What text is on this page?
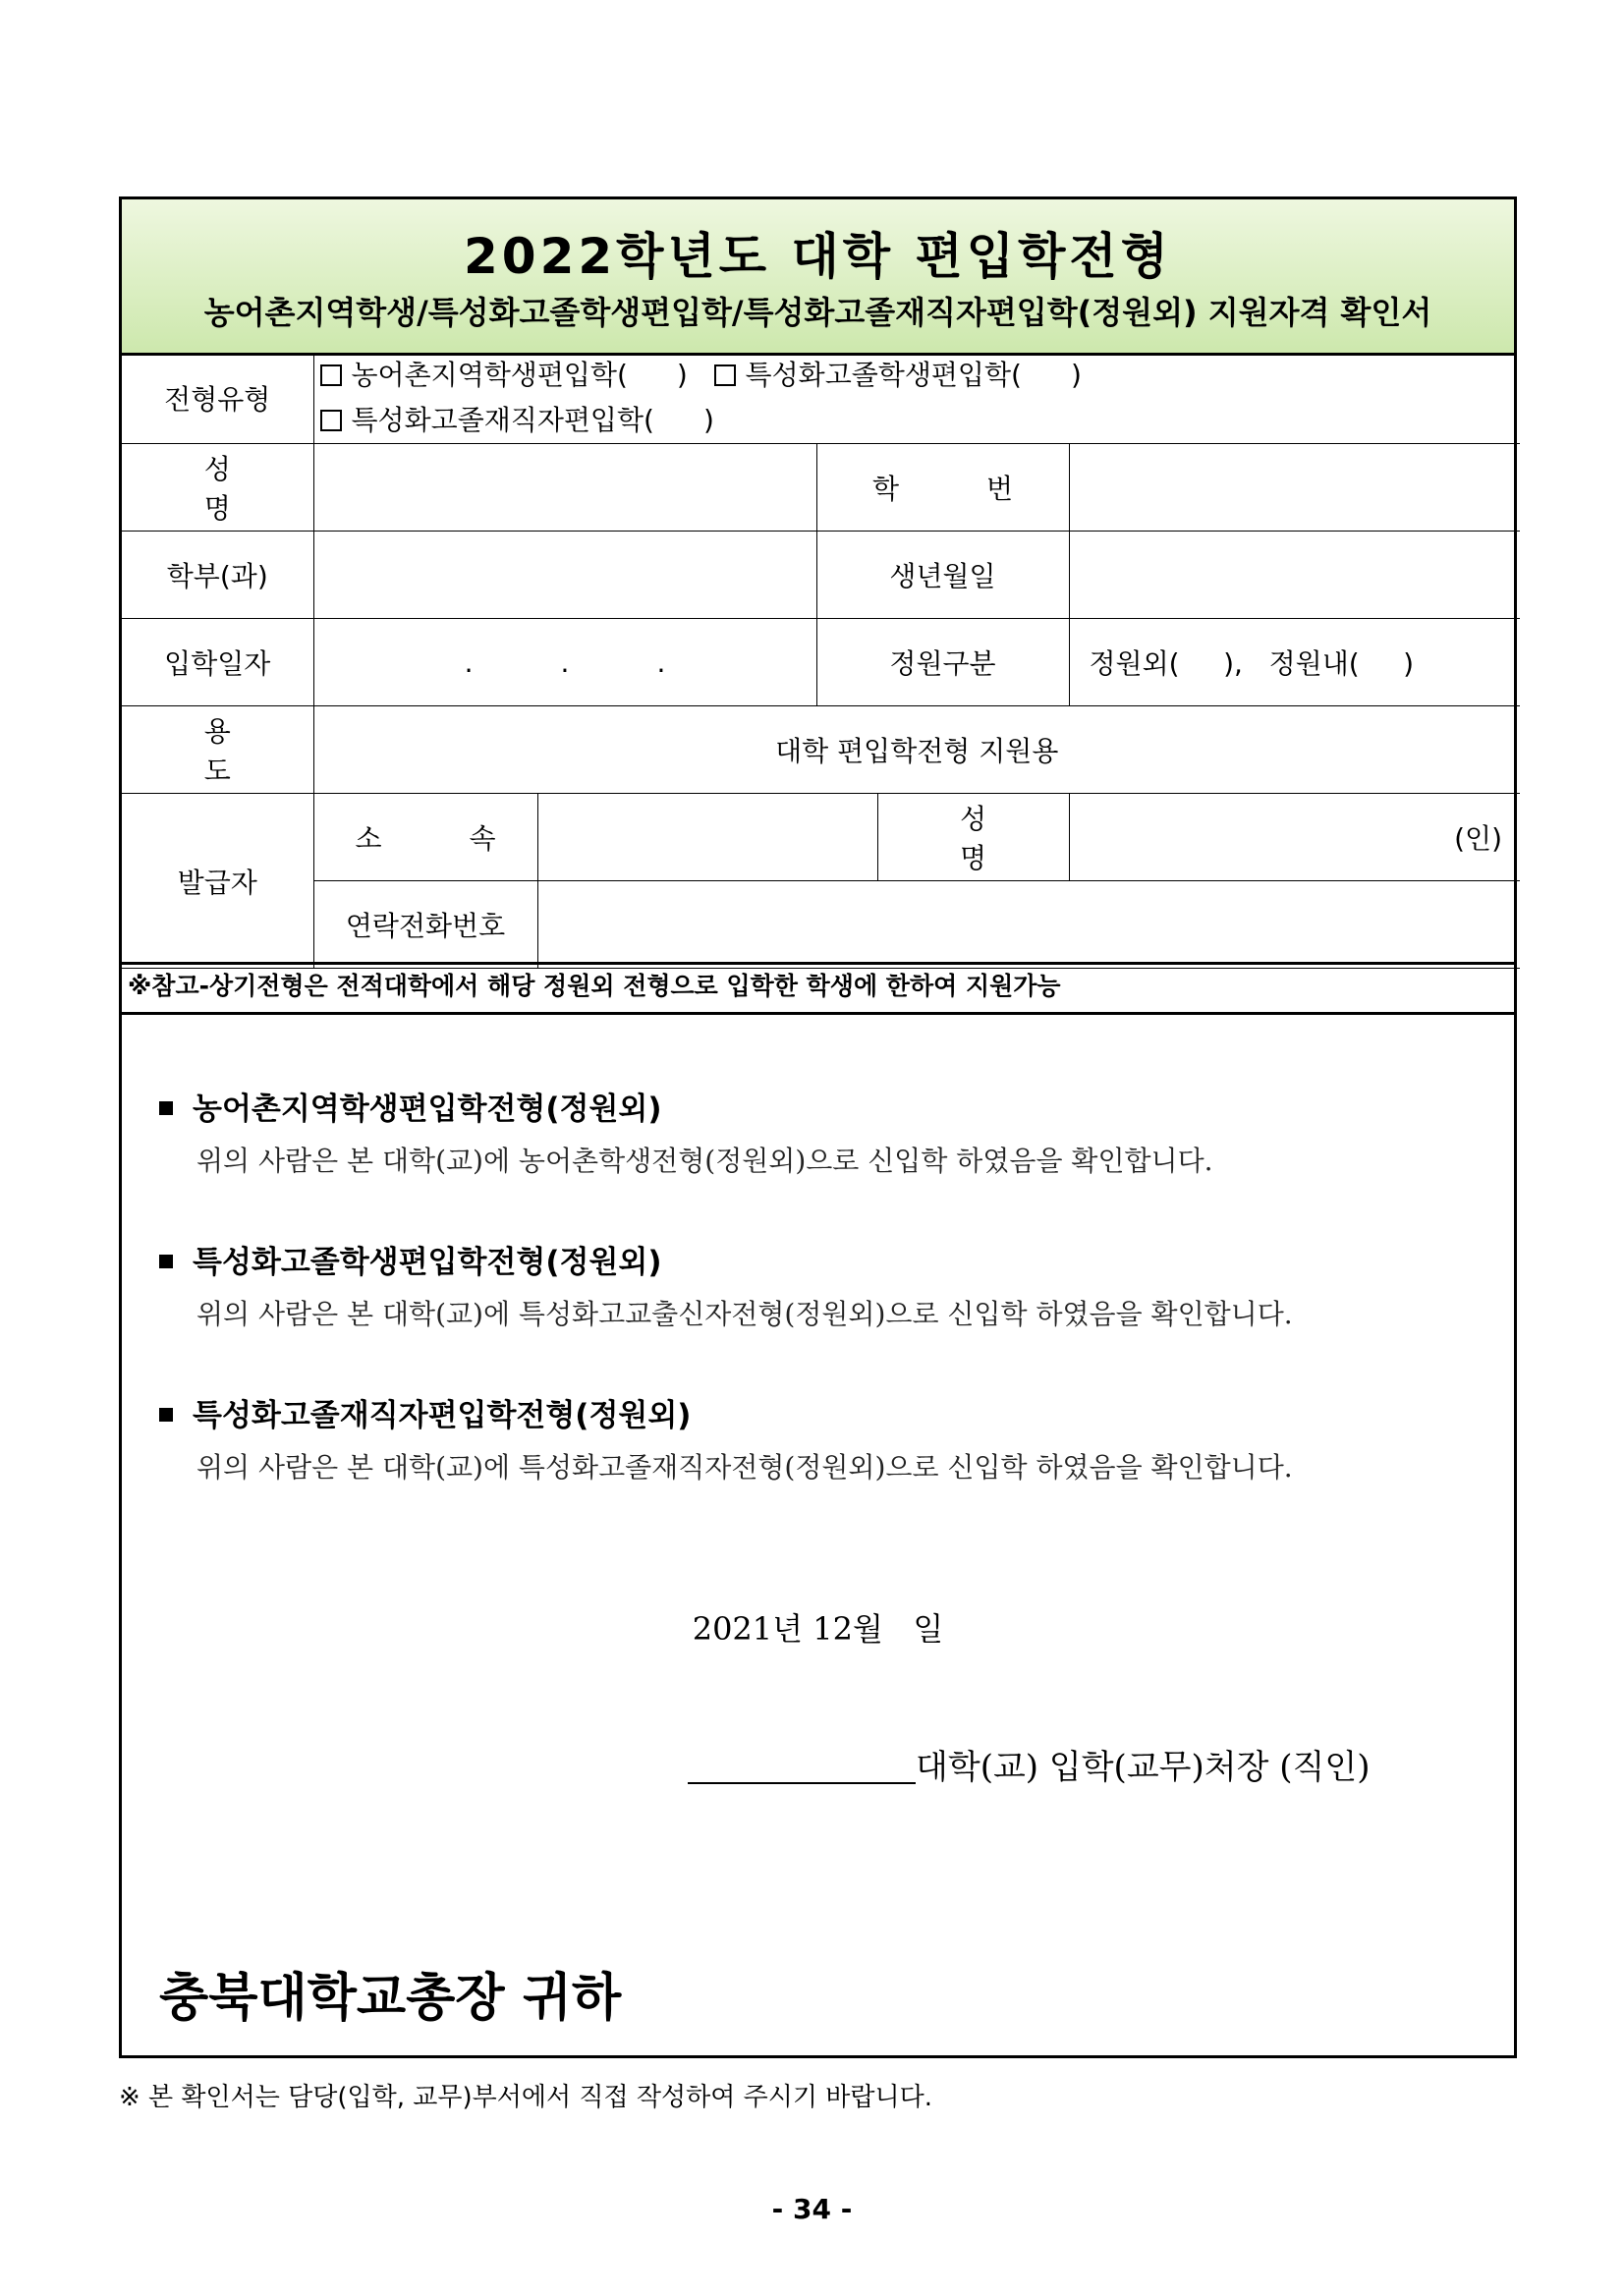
2022학년도 대학 편입학전형
농어촌지역학생/특성화고졸학생편입학/특성화고졸재직자편입학(정원외) 지원자격 확인서
전형유형	농어촌지역학생편입학( ) 특성화고졸학생편입학( )
특성화고졸재직자편입학( )				
성 명			학 번		
학부(과)			생년월일		
입학일자	.          .          .		정원구분		정원외(     ),   정원내(     )
용 도	대학 편입학전형 지원용				
발급자	소 속			성 명	(인)
	연락전화번호				
※참고-상기전형은 전적대학에서 해당 정원외 전형으로 입학한 학생에 한하여 지원가능
농어촌지역학생편입학전형(정원외)
위의 사람은 본 대학(교)에 농어촌학생전형(정원외)으로 신입학 하였음을 확인합니다.
특성화고졸학생편입학전형(정원외)
위의 사람은 본 대학(교)에 특성화고교출신자전형(정원외)으로 신입학 하였음을 확인합니다.
특성화고졸재직자편입학전형(정원외)
위의 사람은 본 대학(교)에 특성화고졸재직자전형(정원외)으로 신입학 하였음을 확인합니다.
2021년 12월   일
대학(교) 입학(교무)처장 (직인)
충북대학교총장 귀하
※ 본 확인서는 담당(입학, 교무)부서에서 직접 작성하여 주시기 바랍니다.
- 34 -
